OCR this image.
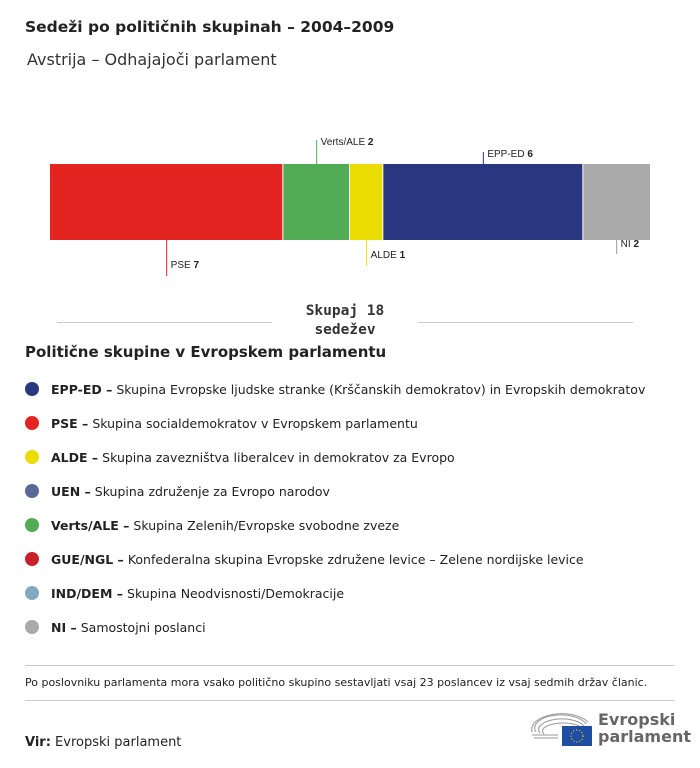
Sedeži po političnih skupinah – 2004–2009
Avstrija – Odhajajoči parlament
PSE 7
Verts/ALE 2
ALDE 1
EPP-ED 6
NI 2
Skupaj 18
sedežev
Politične skupine v Evropskem parlamentu
EPP-ED – Skupina Evropske ljudske stranke (Krščanskih demokratov) in Evropskih demokratov
PSE – Skupina socialdemokratov v Evropskem parlamentu
ALDE – Skupina zavezništva liberalcev in demokratov za Evropo
UEN – Skupina združenje za Evropo narodov
Verts/ALE – Skupina Zelenih/Evropske svobodne zveze
GUE/NGL – Konfederalna skupina Evropske združene levice – Zelene nordijske levice
IND/DEM – Skupina Neodvisnosti/Demokracije
NI – Samostojni poslanci
Po poslovniku parlamenta mora vsako politično skupino sestavljati vsaj 23 poslancev iz vsaj sedmih držav članic.
Vir: Evropski parlament
Evropski
parlament
